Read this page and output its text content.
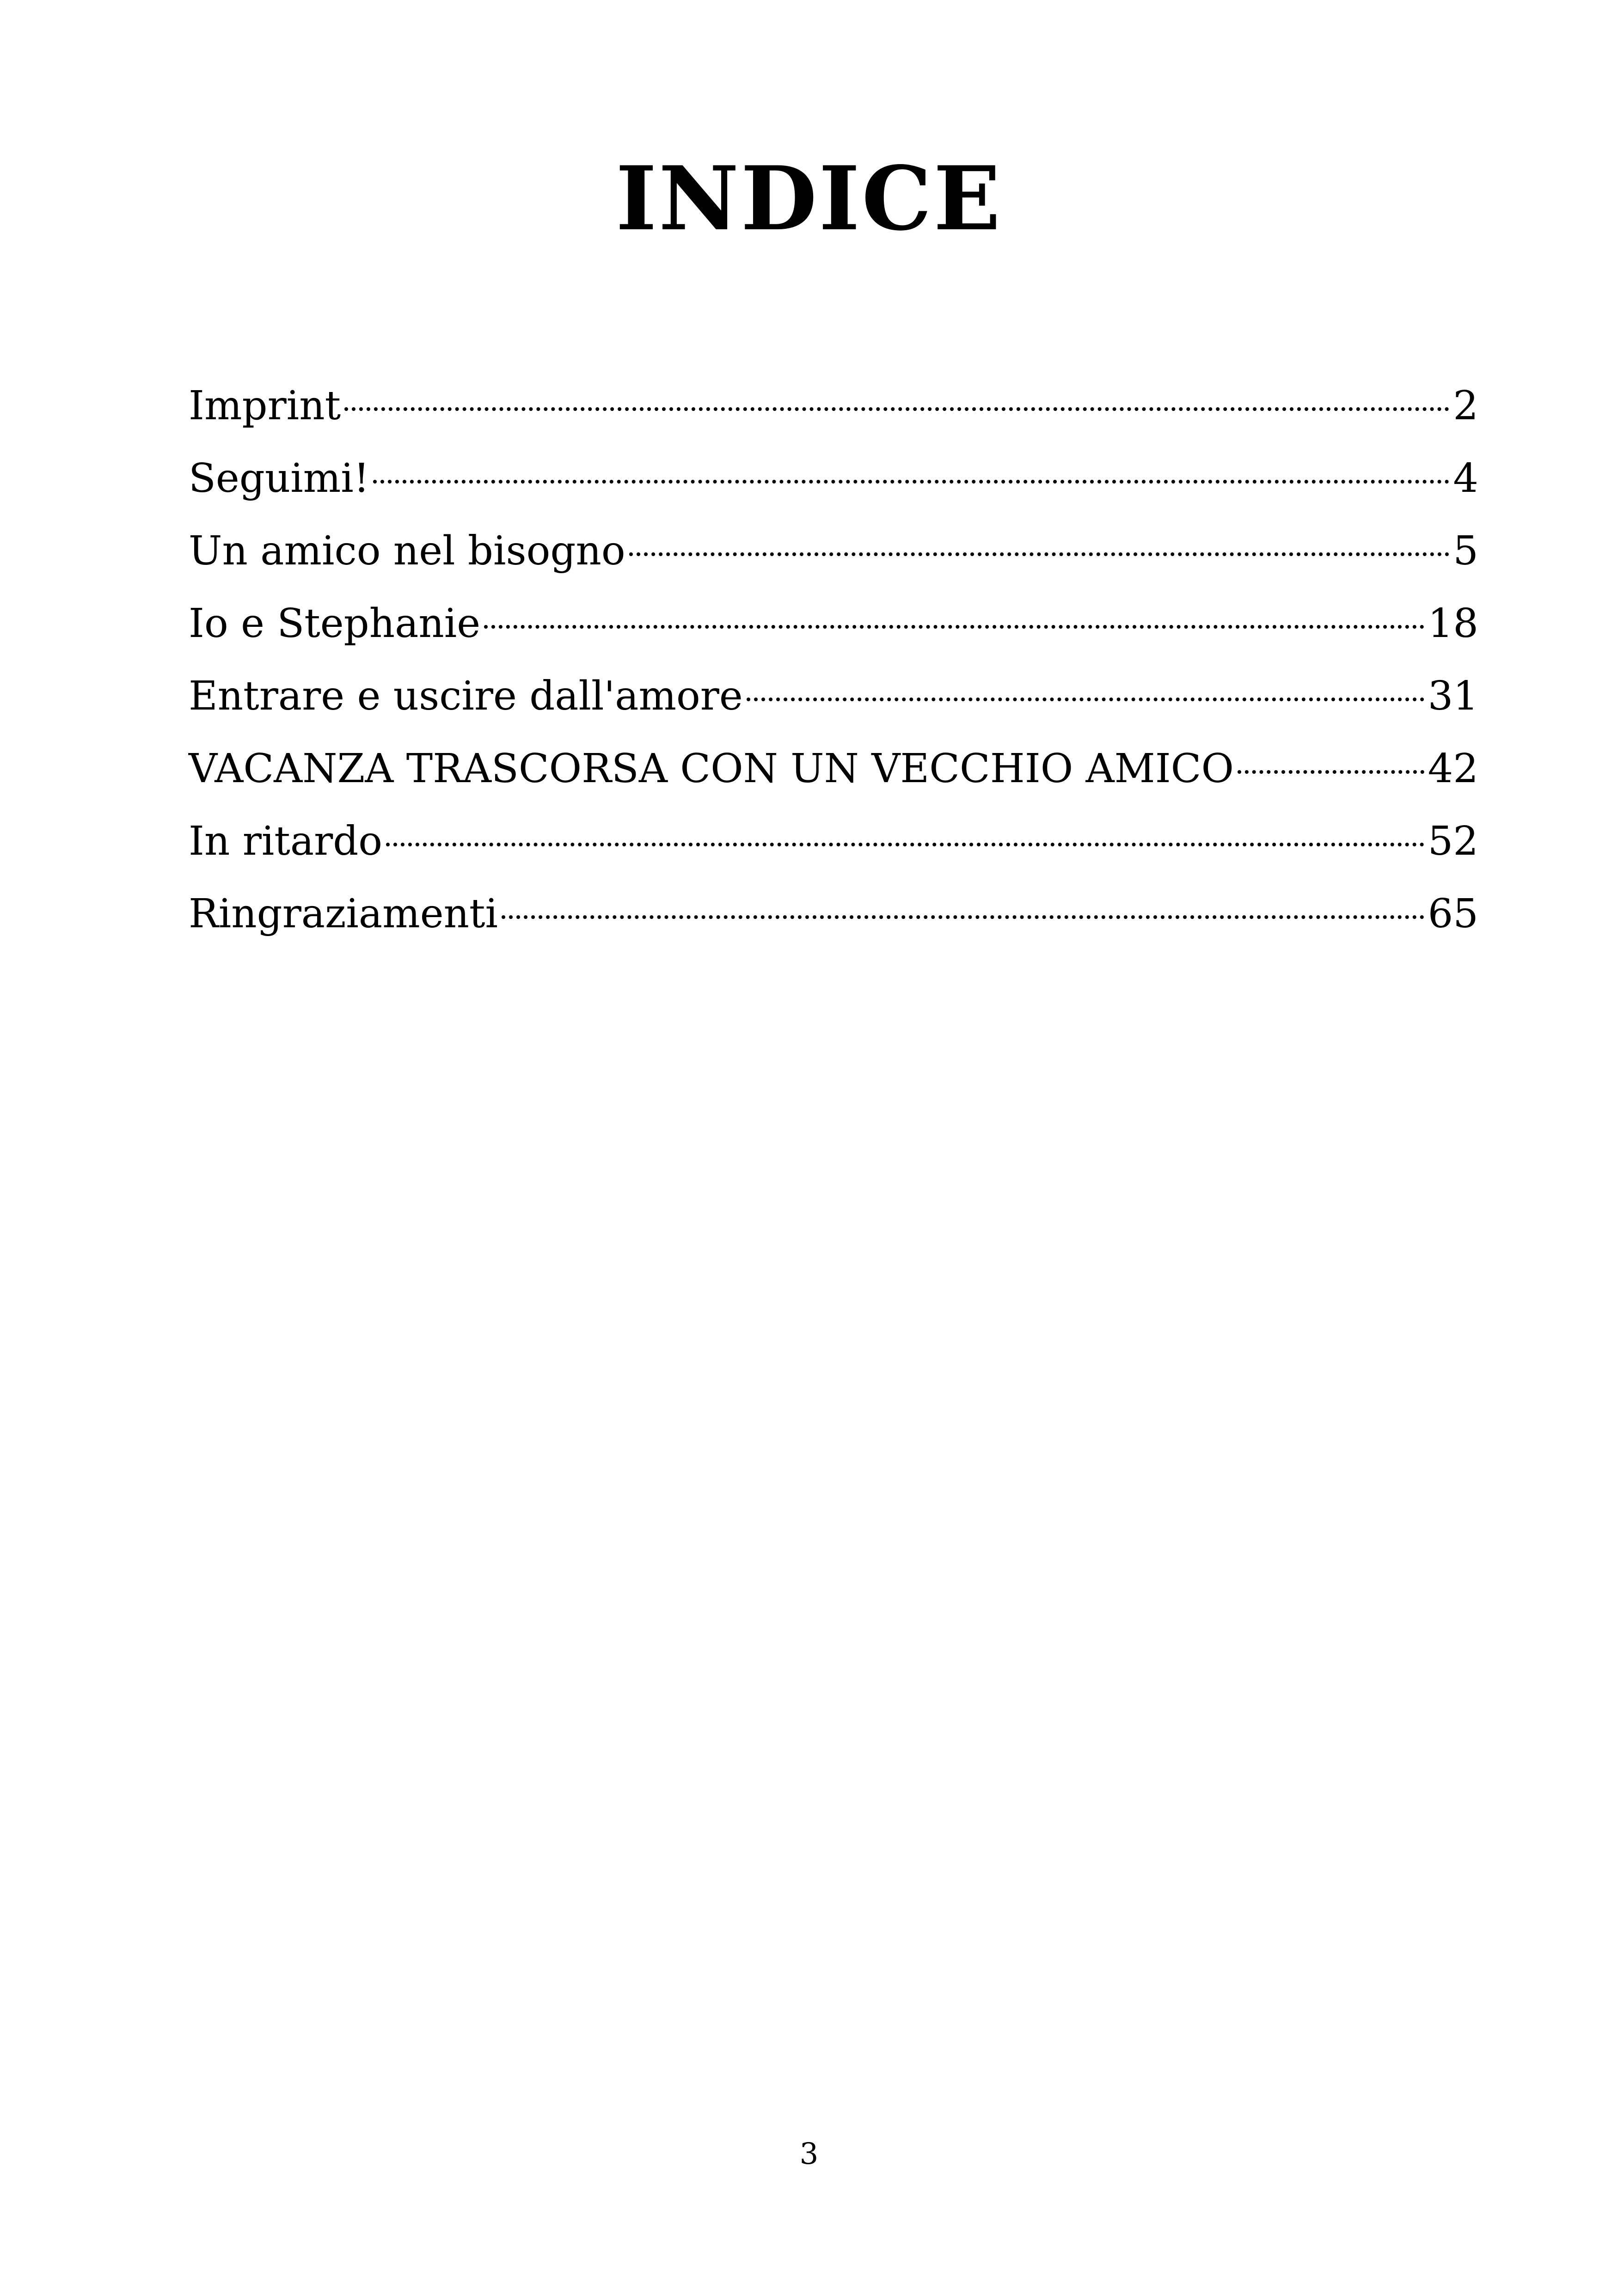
INDICE
Imprint	2
Seguimi!	4
Un amico nel bisogno	5
Io e Stephanie	18
Entrare e uscire dall'amore	31
VACANZA TRASCORSA CON UN VECCHIO AMICO	42
In ritardo	52
Ringraziamenti	65
3
